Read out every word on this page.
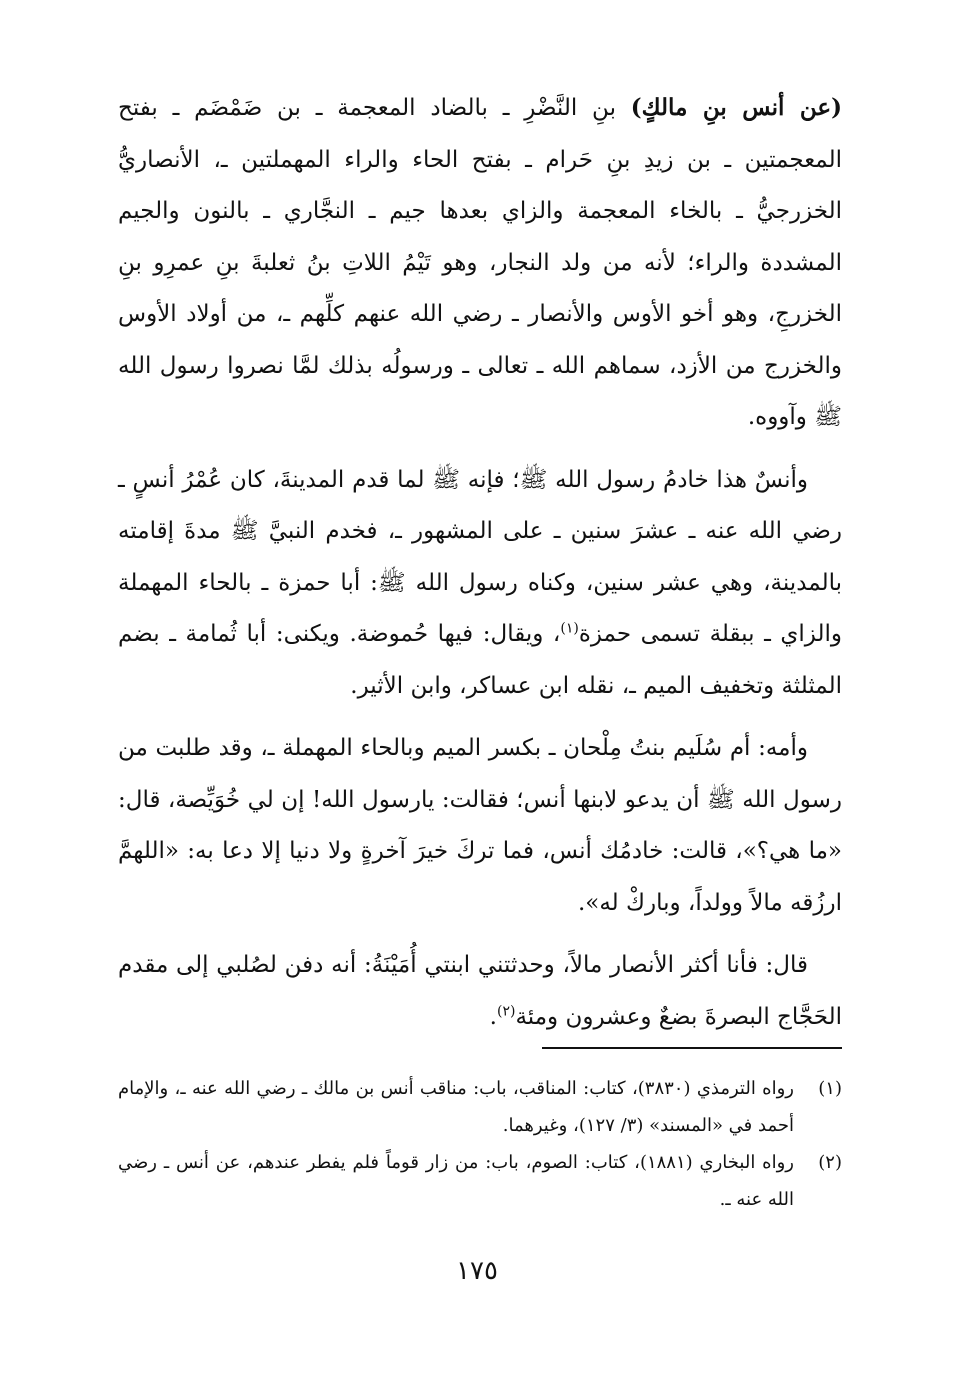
(عن أنس بنِ مالكٍ) بنِ النَّضْرِ ـ بالضاد المعجمة ـ بن ضَمْضَم ـ بفتح المعجمتين ـ بن زيدِ بنِ حَرام ـ بفتح الحاء والراء المهملتين ـ، الأنصاريُّ الخزرجيُّ ـ بالخاء المعجمة والزاي بعدها جيم ـ النجَّاري ـ بالنون والجيم المشددة والراء؛ لأنه من ولد النجار، وهو تَيْمُ اللاتِ بنُ ثعلبةَ بنِ عمرِو بنِ الخزرجِ، وهو أخو الأوس والأنصار ـ رضي الله عنهم كلِّهم ـ، من أولاد الأوس والخزرج من الأزد، سماهم الله ـ تعالى ـ ورسولُه بذلك لمَّا نصروا رسول الله ﷺ وآووه.

وأنسٌ هذا خادمُ رسول الله ﷺ؛ فإنه ﷺ لما قدم المدينةَ، كان عُمْرُ أنسٍ ـ رضي الله عنه ـ عشرَ سنين ـ على المشهور ـ، فخدم النبيَّ ﷺ مدةَ إقامته بالمدينة، وهي عشر سنين، وكناه رسول الله ﷺ: أبا حمزة ـ بالحاء المهملة والزاي ـ ببقلة تسمى حمزة$^{(١)}$، ويقال: فيها حُموضة. ويكنى: أبا ثُمامة ـ بضم المثلثة وتخفيف الميم ـ، نقله ابن عساكر، وابن الأثير.

وأمه: أم سُلَيم بنتُ مِلْحان ـ بكسر الميم وبالحاء المهملة ـ، وقد طلبت من رسول الله ﷺ أن يدعو لابنها أنس؛ فقالت: يارسول الله! إن لي خُوَيِّصة، قال: «ما هي؟»، قالت: خادمُك أنس، فما تركَ خيرَ آخرةٍ ولا دنيا إلا دعا به: «اللهمَّ ارزُقه مالاً وولداً، وباركْ له».

قال: فأنا أكثر الأنصار مالاً، وحدثتني ابنتي أُمَيْنَةُ: أنه دفن لصُلبي إلى مقدم الحَجَّاج البصرةَ بضعٌ وعشرون ومئة$^{(٢)}$.

(١)
رواه الترمذي (٣٨٣٠)، كتاب: المناقب، باب: مناقب أنس بن مالك ـ رضي الله عنه ـ، والإمام أحمد في «المسند» (٣/ ١٢٧)، وغيرهما.
(٢)
رواه البخاري (١٨٨١)، كتاب: الصوم، باب: من زار قوماً فلم يفطر عندهم، عن أنس ـ رضي الله عنه ـ.
١٧٥
